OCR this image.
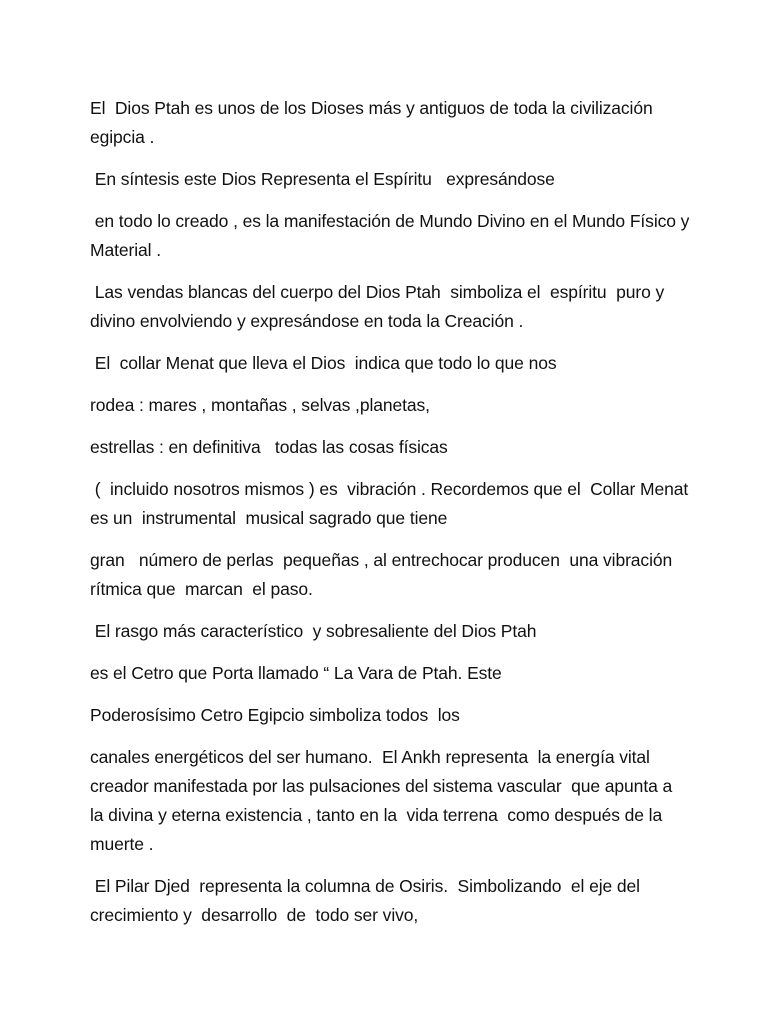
El  Dios Ptah es unos de los Dioses más y antiguos de toda la civilización egipcia .

En síntesis este Dios Representa el Espíritu   expresándose

en todo lo creado , es la manifestación de Mundo Divino en el Mundo Físico y Material .

Las vendas blancas del cuerpo del Dios Ptah  simboliza el  espíritu  puro y divino envolviendo y expresándose en toda la Creación .

El  collar Menat que lleva el Dios  indica que todo lo que nos

rodea : mares , montañas , selvas ,planetas,

estrellas : en definitiva   todas las cosas físicas

(  incluido nosotros mismos ) es  vibración . Recordemos que el  Collar Menat es un  instrumental  musical sagrado que tiene

gran   número de perlas  pequeñas , al entrechocar producen  una vibración  rítmica que  marcan  el paso.

El rasgo más característico  y sobresaliente del Dios Ptah

es el Cetro que Porta llamado “ La Vara de Ptah. Este

Poderosísimo Cetro Egipcio simboliza todos  los

canales energéticos del ser humano.  El Ankh representa  la energía vital creador manifestada por las pulsaciones del sistema vascular  que apunta a la divina y eterna existencia , tanto en la  vida terrena  como después de la muerte .

El Pilar Djed  representa la columna de Osiris.  Simbolizando  el eje del crecimiento y  desarrollo  de  todo ser vivo,
